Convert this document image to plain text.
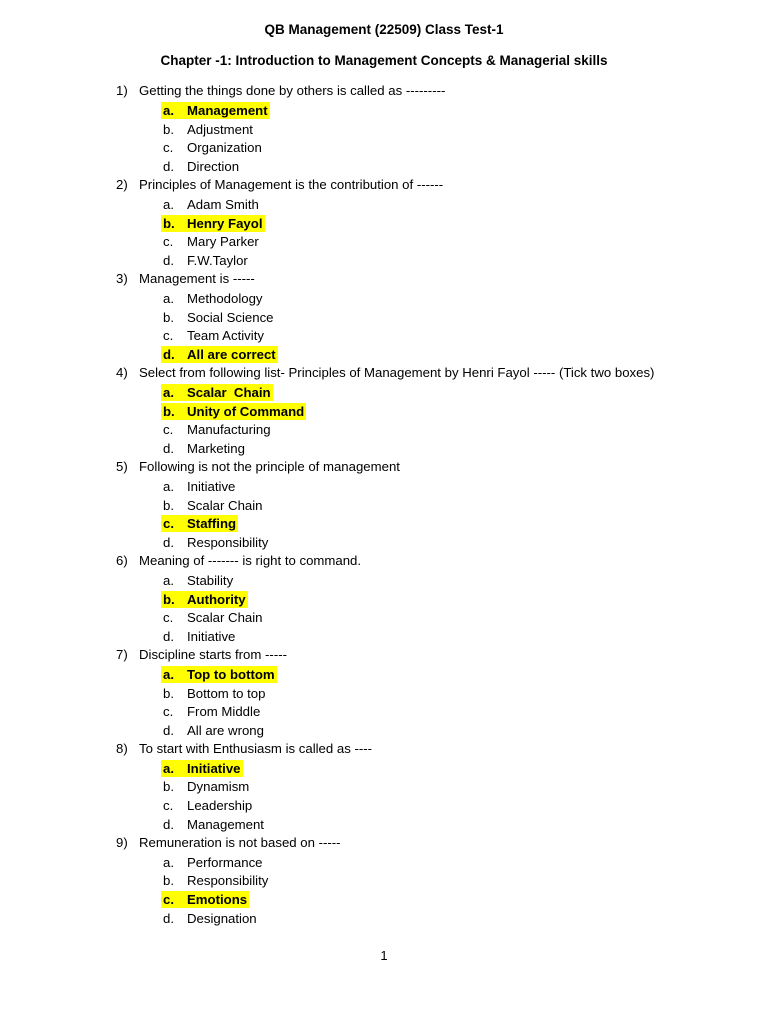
QB Management (22509) Class Test-1
Chapter -1: Introduction to Management Concepts & Managerial skills
1) Getting the things done by others is called as ---------
a. Management
b. Adjustment
c. Organization
d. Direction
2) Principles of Management is the contribution of ------
a. Adam Smith
b. Henry Fayol
c. Mary Parker
d. F.W.Taylor
3) Management is -----
a. Methodology
b. Social Science
c. Team Activity
d. All are correct
4) Select from following list- Principles of Management by Henri Fayol ----- (Tick two boxes)
a. Scalar  Chain
b. Unity of Command
c. Manufacturing
d. Marketing
5) Following is not the principle of management
a. Initiative
b. Scalar Chain
c. Staffing
d. Responsibility
6) Meaning of ------- is right to command.
a. Stability
b. Authority
c. Scalar Chain
d. Initiative
7) Discipline starts from -----
a. Top to bottom
b. Bottom to top
c. From Middle
d. All are wrong
8) To start with Enthusiasm is called as ----
a. Initiative
b. Dynamism
c. Leadership
d. Management
9) Remuneration is not based on -----
a. Performance
b. Responsibility
c. Emotions
d. Designation
1
